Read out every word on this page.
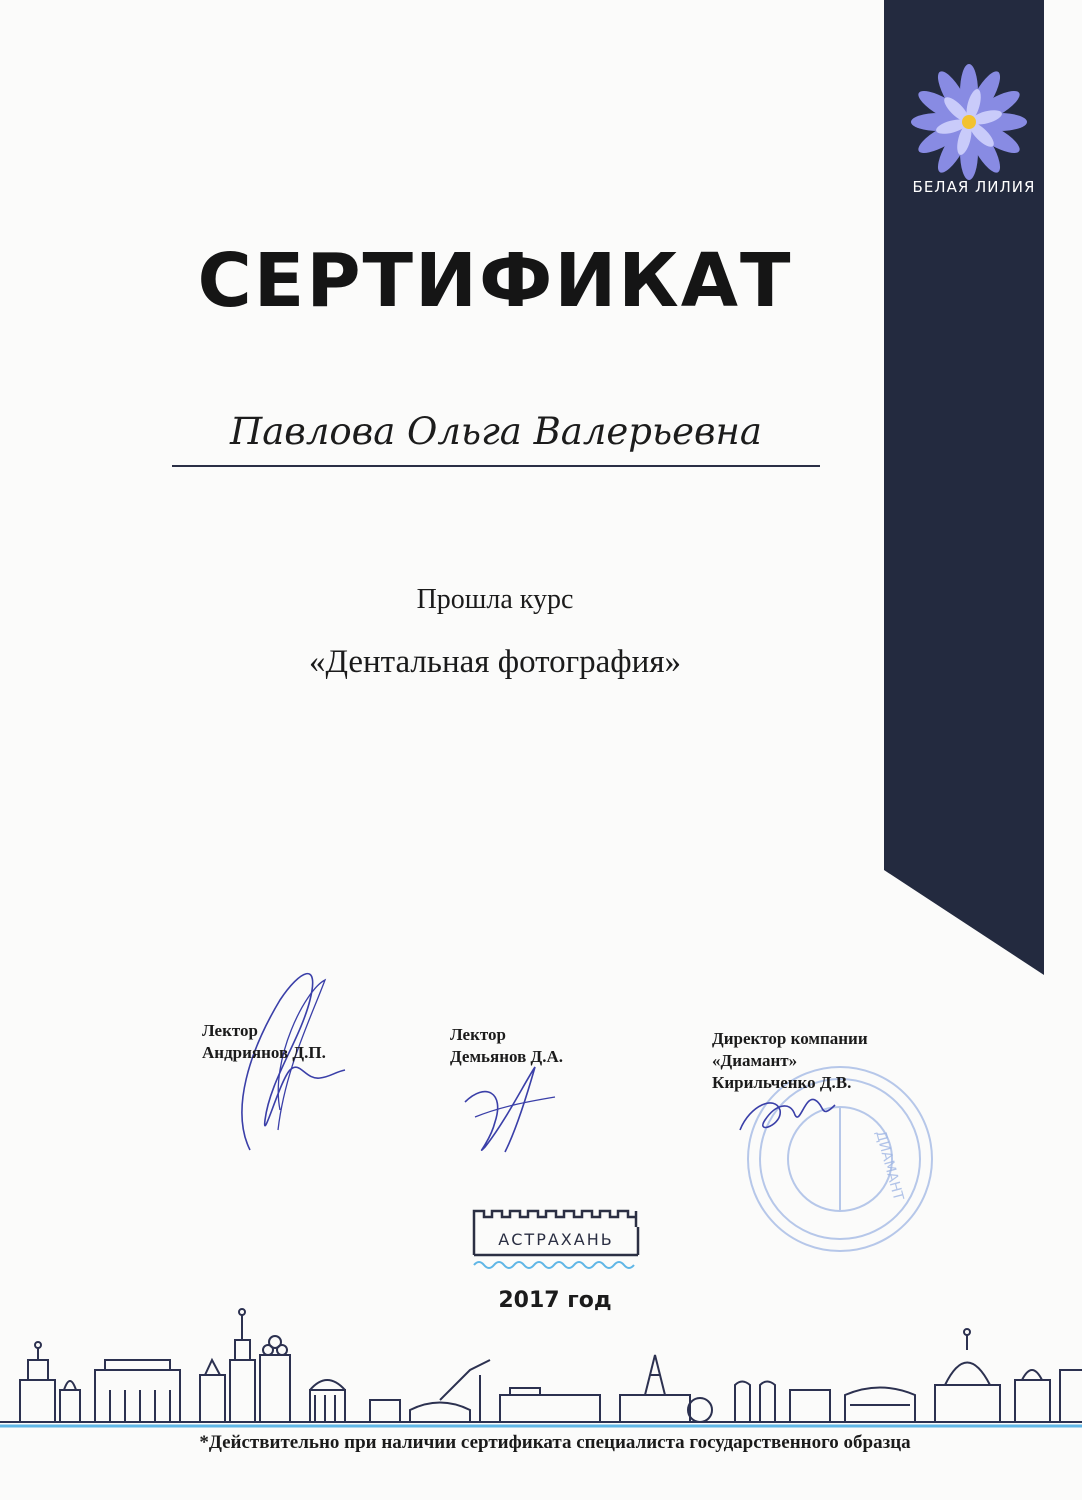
БЕЛАЯ ЛИЛИЯ
СЕРТИФИКАТ
Павлова Ольга Валерьевна
Прошла курс
«Дентальная фотография»
Лектор
Андриянов Д.П.
Лектор
Демьянов Д.А.
ДИАМАНТ
Директор компании
«Диамант»
Кирильченко Д.В.
АСТРАХАНЬ
2017 год
*Действительно при наличии сертификата специалиста государственного образца
